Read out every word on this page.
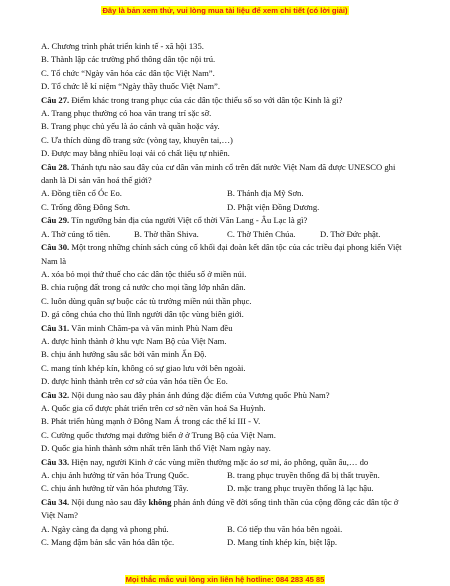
Đây là bản xem thử, vui lòng mua tài liệu để xem chi tiết (có lời giải)
A. Chương trình phát triển kinh tế - xã hội 135.
B. Thành lập các trường phổ thông dân tộc nội trú.
C. Tổ chức “Ngày văn hóa các dân tộc Việt Nam”.
D. Tổ chức lễ kỉ niệm “Ngày thầy thuốc Việt Nam”.
Câu 27. Điểm khác trong trang phục của các dân tộc thiểu số so với dân tộc Kinh là gì?
A. Trang phục thường có hoa văn trang trí sặc sỡ.
B. Trang phục chủ yếu là áo cánh và quần hoặc váy.
C. Ưa thích dùng đồ trang sức (vòng tay, khuyên tai,…)
D. Được may bằng nhiều loại vải có chất liệu tự nhiên.
Câu 28. Thánh tựu nào sau đây của cư dân văn minh cổ trên đất nước Việt Nam đã được UNESCO ghi danh là Di sản văn hoá thế giới?
A. Đồng tiền cổ Óc Eo.	B. Thánh địa Mỹ Sơn.
C. Trống đồng Đông Sơn.	D. Phật viện Đồng Dương.
Câu 29. Tín ngưỡng bản địa của người Việt cổ thời Văn Lang - Âu Lạc là gì?
A. Thờ cúng tổ tiên.	B. Thờ thần Shiva.	C. Thờ Thiên Chúa.	D. Thờ Đức phật.
Câu 30. Một trong những chính sách củng cố khối đại đoàn kết dân tộc của các triều đại phong kiến Việt Nam là
A. xóa bỏ mọi thứ thuế cho các dân tộc thiểu số ở miền núi.
B. chia ruộng đất trong cả nước cho mọi tầng lớp nhân dân.
C. luôn dùng quân sự buộc các tù trưởng miền núi thần phục.
D. gả công chúa cho thủ lĩnh người dân tộc vùng biên giới.
Câu 31. Văn minh Chăm-pa và văn minh Phù Nam đều
A. được hình thành ở khu vực Nam Bộ của Việt Nam.
B. chịu ảnh hưởng sâu sắc bởi văn minh Ấn Độ.
C. mang tính khép kín, không có sự giao lưu với bên ngoài.
D. được hình thành trên cơ sở của văn hóa tiền Óc Eo.
Câu 32. Nội dung nào sau đây phản ánh đúng đặc điểm của Vương quốc Phù Nam?
A. Quốc gia cổ được phát triển trên cơ sở nền văn hoá Sa Huỳnh.
B. Phát triển hùng mạnh ở Đông Nam Á trong các thế kỉ III - V.
C. Cường quốc thương mại đường biển ở ở Trung Bộ của Việt Nam.
D. Quốc gia hình thành sớm nhất trên lãnh thổ Việt Nam ngày nay.
Câu 33. Hiện nay, người Kinh ở các vùng miền thường mặc áo sơ mi, áo phông, quần âu,… do
A. chịu ảnh hưởng từ văn hóa Trung Quốc.	B. trang phục truyền thống đã bị thất truyền.
C. chịu ảnh hưởng từ văn hóa phương Tây.	D. mặc trang phục truyền thống là lạc hậu.
Câu 34. Nội dung nào sau đây không phản ánh đúng về đời sống tinh thần của cộng đồng các dân tộc ở Việt Nam?
A. Ngày càng đa dạng và phong phú.	B. Có tiếp thu văn hóa bên ngoài.
C. Mang đậm bản sắc văn hóa dân tộc.	D. Mang tính khép kín, biệt lập.
Mọi thắc mắc vui lòng xin liên hệ hotline: 084 283 45 85
